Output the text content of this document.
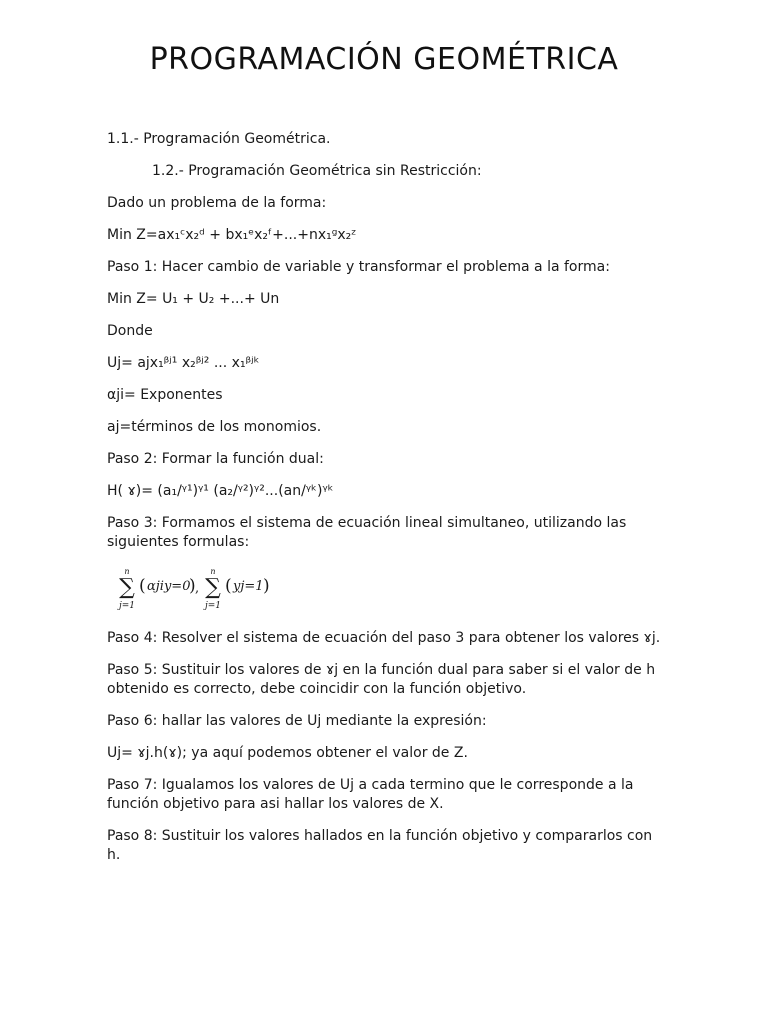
PROGRAMACIÓN GEOMÉTRICA

1.1.- Programación Geométrica.

1.2.- Programación Geométrica sin Restricción:

Dado un problema de la forma:

Min Z=ax₁ᶜx₂ᵈ + bx₁ᵉx₂ᶠ+...+nx₁ᵍx₂ᶻ

Paso 1: Hacer cambio de variable y transformar el problema a la forma:

Min Z= U₁ + U₂ +...+ Un

Donde

Uj= ajx₁ᵝʲ¹ x₂ᵝʲ² ... x₁ᵝʲᵏ

αji= Exponentes

aj=términos de los monomios.

Paso 2: Formar la función dual:

H( ɤ)= (a₁/ᵞ¹)ᵞ¹ (a₂/ᵞ²)ᵞ²...(an/ᵞᵏ)ᵞᵏ

Paso 3: Formamos el sistema de ecuación lineal simultaneo, utilizando las siguientes formulas:

n
∑
j=1
( αjiy=0
) ,
n
∑
j=1
( yj=1 )

Paso 4: Resolver el sistema de ecuación del paso 3 para obtener los valores ɤj.

Paso 5: Sustituir los valores de ɤj en la función dual para saber si el valor de h obtenido es correcto, debe coincidir con la función objetivo.

Paso 6: hallar las valores de Uj mediante la expresión:

Uj= ɤj.h(ɤ); ya aquí podemos obtener el valor de Z.

Paso 7: Igualamos los valores de Uj a cada termino que le corresponde a la función objetivo para asi hallar los valores de X.

Paso 8: Sustituir los valores hallados en la función objetivo y compararlos con h.
